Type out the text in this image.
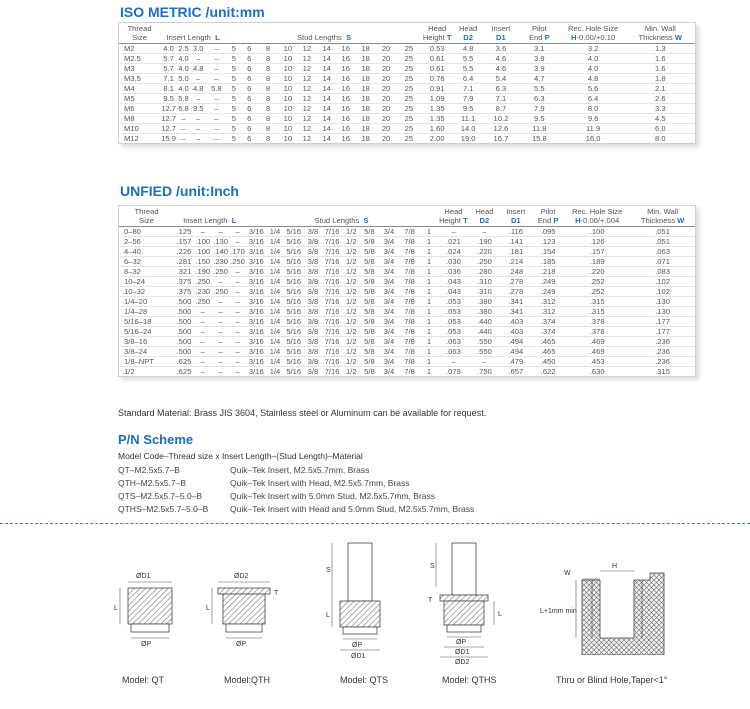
ISO METRIC /unit:mm
Thread
Size	Insert Length L				Stud Lengths S										Head
Height T	Head
D2	Insert
D1	Pilot
End P	Rec. Hole Size
H-0.00/+0.10	Min. Wall
Thickness W
M2	4.0	2.5	3.0	–	5	6	8	10	12	14	16	18	20	25	0.53	4.8	3.6	3.1	3.2	1.3
M2.5	5.7	4.0	–	–	5	6	8	10	12	14	16	18	20	25	0.61	5.5	4.6	3.9	4.0	1.6
M3	5.7	4.0	4.8	–	5	6	8	10	12	14	16	18	20	25	0.61	5.5	4.6	3.9	4.0	1.6
M3.5	7.1	5.0	–	–	5	6	8	10	12	14	16	18	20	25	0.76	6.4	5.4	4.7	4.8	1.8
M4	8.1	4.0	4.8	5.8	5	6	8	10	12	14	16	18	20	25	0.91	7.1	6.3	5.5	5.6	2.1
M5	9.5	5.8	–	–	5	6	8	10	12	14	16	18	20	25	1.09	7.9	7.1	6.3	6.4	2.6
M6	12.7	6.8	9.5	–	5	6	8	10	12	14	16	18	20	25	1.35	9.5	8.7	7.9	8.0	3.3
M8	12.7	–	–	–	5	6	8	10	12	14	16	18	20	25	1.35	11.1	10.2	9.5	9.6	4.5
M10	12.7	–	–	–	5	6	8	10	12	14	16	18	20	25	1.60	14.0	12.6	11.8	11.9	6.0
M12	15.9	–	–	–	5	6	8	10	12	14	16	18	20	25	2.00	19.0	16.7	15.8	16.0	8.0
UNFIED /unit:Inch
Thread
Size	Insert Length L				Stud Lengths S										Head
Height T	Head
D2	Insert
D1	Pilot
End P	Rec. Hole Size
H-0.00/+.004	Min. Wall
Thickness W
0–80	.125	–	–	–	3/16	1/4	5/16	3/8	7/16	1/2	5/8	3/4	7/8	1	–	–	.116	.095	.100	.051
2–56	.157	.100	.130	–	3/16	1/4	5/16	3/8	7/16	1/2	5/8	3/4	7/8	1	.021	.190	.141	.123	.126	.051
4–40	.226	.100	.140	.170	3/16	1/4	5/16	3/8	7/16	1/2	5/8	3/4	7/8	1	.024	.220	.181	.154	.157	.063
6–32	.281	.150	.230	.250	3/16	1/4	5/16	3/8	7/16	1/2	5/8	3/4	7/8	1	.030	.250	.214	.185	.189	.071
8–32	.321	.190	.250	–	3/16	1/4	5/16	3/8	7/16	1/2	5/8	3/4	7/8	1	.036	.280	.248	.218	.220	.083
10–24	.375	.250	–	–	3/16	1/4	5/16	3/8	7/16	1/2	5/8	3/4	7/8	1	.043	.310	.278	.249	.252	.102
10–32	.375	.230	.250	–	3/16	1/4	5/16	3/8	7/16	1/2	5/8	3/4	7/8	1	.043	.310	.278	.249	.252	.102
1/4–20	.500	.250	–	–	3/16	1/4	5/16	3/8	7/16	1/2	5/8	3/4	7/8	1	.053	.380	.341	.312	.315	.130
1/4–28	.500	–	–	–	3/16	1/4	5/16	3/8	7/16	1/2	5/8	3/4	7/8	1	.053	.380	.341	.312	.315	.130
5/16–18	.500	–	–	–	3/16	1/4	5/16	3/8	7/16	1/2	5/8	3/4	7/8	1	.053	.440	.403	.374	.378	.177
5/16–24	.500	–	–	–	3/16	1/4	5/16	3/8	7/16	1/2	5/8	3/4	7/8	1	.053	.440	.403	.374	.378	.177
3/8–16	.500	–	–	–	3/16	1/4	5/16	3/8	7/16	1/2	5/8	3/4	7/8	1	.063	.550	.494	.465	.469	.236
3/8–24	.500	–	–	–	3/16	1/4	5/16	3/8	7/16	1/2	5/8	3/4	7/8	1	.063	.550	.494	.465	.469	.236
1/8–NPT	.625	–	–	–	3/16	1/4	5/16	3/8	7/16	1/2	5/8	3/4	7/8	1	–	–	.479	.450	.453	.236
1/2	.625	–	–	–	3/16	1/4	5/16	3/8	7/16	1/2	5/8	3/4	7/8	1	.079	.750	.657	.622	.630	.315
Standard Material: Brass JIS 3604, Stainless steel or Aluminum can be available for request.
P/N Scheme
Model Code–Thread size x Insert Length–(Stud Length)–Material
QT–M2.5x5.7–B	Quik–Tek Insert, M2.5x5.7mm, Brass
QTH–M2.5x5.7–B	Quik–Tek Insert with Head, M2.5x5.7mm, Brass
QTS–M2.5x5.7–5.0–B	Quik–Tek Insert with 5.0mm Stud, M2.5x5.7mm, Brass
QTHS–M2.5x5.7–5.0–B	Quik–Tek Insert with Head and 5.0mm Stud, M2.5x5.7mm, Brass
ØD1
L
ØP
Model: QT
ØD2
T
L
ØP
Model:QTH
S
L
ØP
ØD1
Model: QTS
S
T
L
ØP
ØD1
ØD2
Model: QTHS
H
W
L+1mm min
Thru or Blind Hole,Taper<1°
